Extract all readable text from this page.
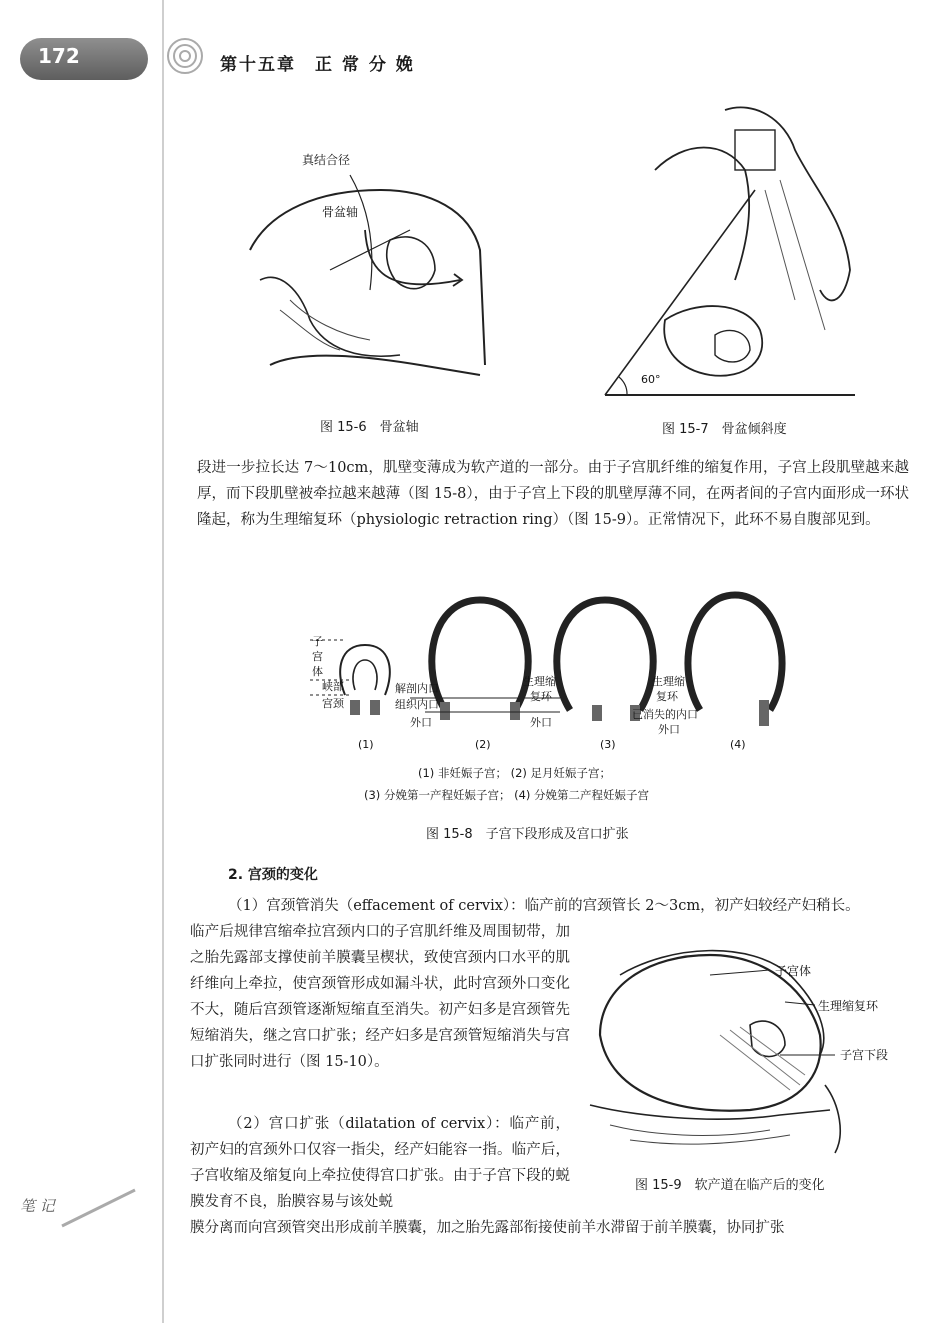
172	第十五章　正 常 分 娩
真结合径
骨盆轴
图 15-6　骨盆轴
60°
图 15-7　骨盆倾斜度
段进一步拉长达 7～10cm，肌壁变薄成为软产道的一部分。由于子宫肌纤维的缩复作用，子宫上段肌壁越来越厚，而下段肌壁被牵拉越来越薄（图 15-8），由于子宫上下段的肌壁厚薄不同，在两者间的子宫内面形成一环状隆起，称为生理缩复环（physiologic retraction ring）（图 15-9）。正常情况下，此环不易自腹部见到。
子
宫
体
峡部
宫颈
解剖内口
组织内口
外口
生理缩
复环
外口
生理缩
复环
已消失的内口
外口
(1)	(2)	(3)	(4)
(1) 非妊娠子宫； (2) 足月妊娠子宫；
(3) 分娩第一产程妊娠子宫； (4) 分娩第二产程妊娠子宫
图 15-8　子宫下段形成及宫口扩张
2. 宫颈的变化
（1）宫颈管消失（effacement of cervix）：临产前的宫颈管长 2～3cm，初产妇较经产妇稍长。
临产后规律宫缩牵拉宫颈内口的子宫肌纤维及周围韧带，加之胎先露部支撑使前羊膜囊呈楔状，致使宫颈内口水平的肌纤维向上牵拉，使宫颈管形成如漏斗状，此时宫颈外口变化不大，随后宫颈管逐渐短缩直至消失。初产妇多是宫颈管先短缩消失，继之宫口扩张；经产妇多是宫颈管短缩消失与宫口扩张同时进行（图 15-10）。
（2）宫口扩张（dilatation of cervix）：临产前，初产妇的宫颈外口仅容一指尖，经产妇能容一指。临产后，子宫收缩及缩复向上牵拉使得宫口扩张。由于子宫下段的蜕膜发育不良，胎膜容易与该处蜕
膜分离而向宫颈管突出形成前羊膜囊，加之胎先露部衔接使前羊水滞留于前羊膜囊，协同扩张
子宫体
生理缩复环
子宫下段
图 15-9　软产道在临产后的变化
笔 记
